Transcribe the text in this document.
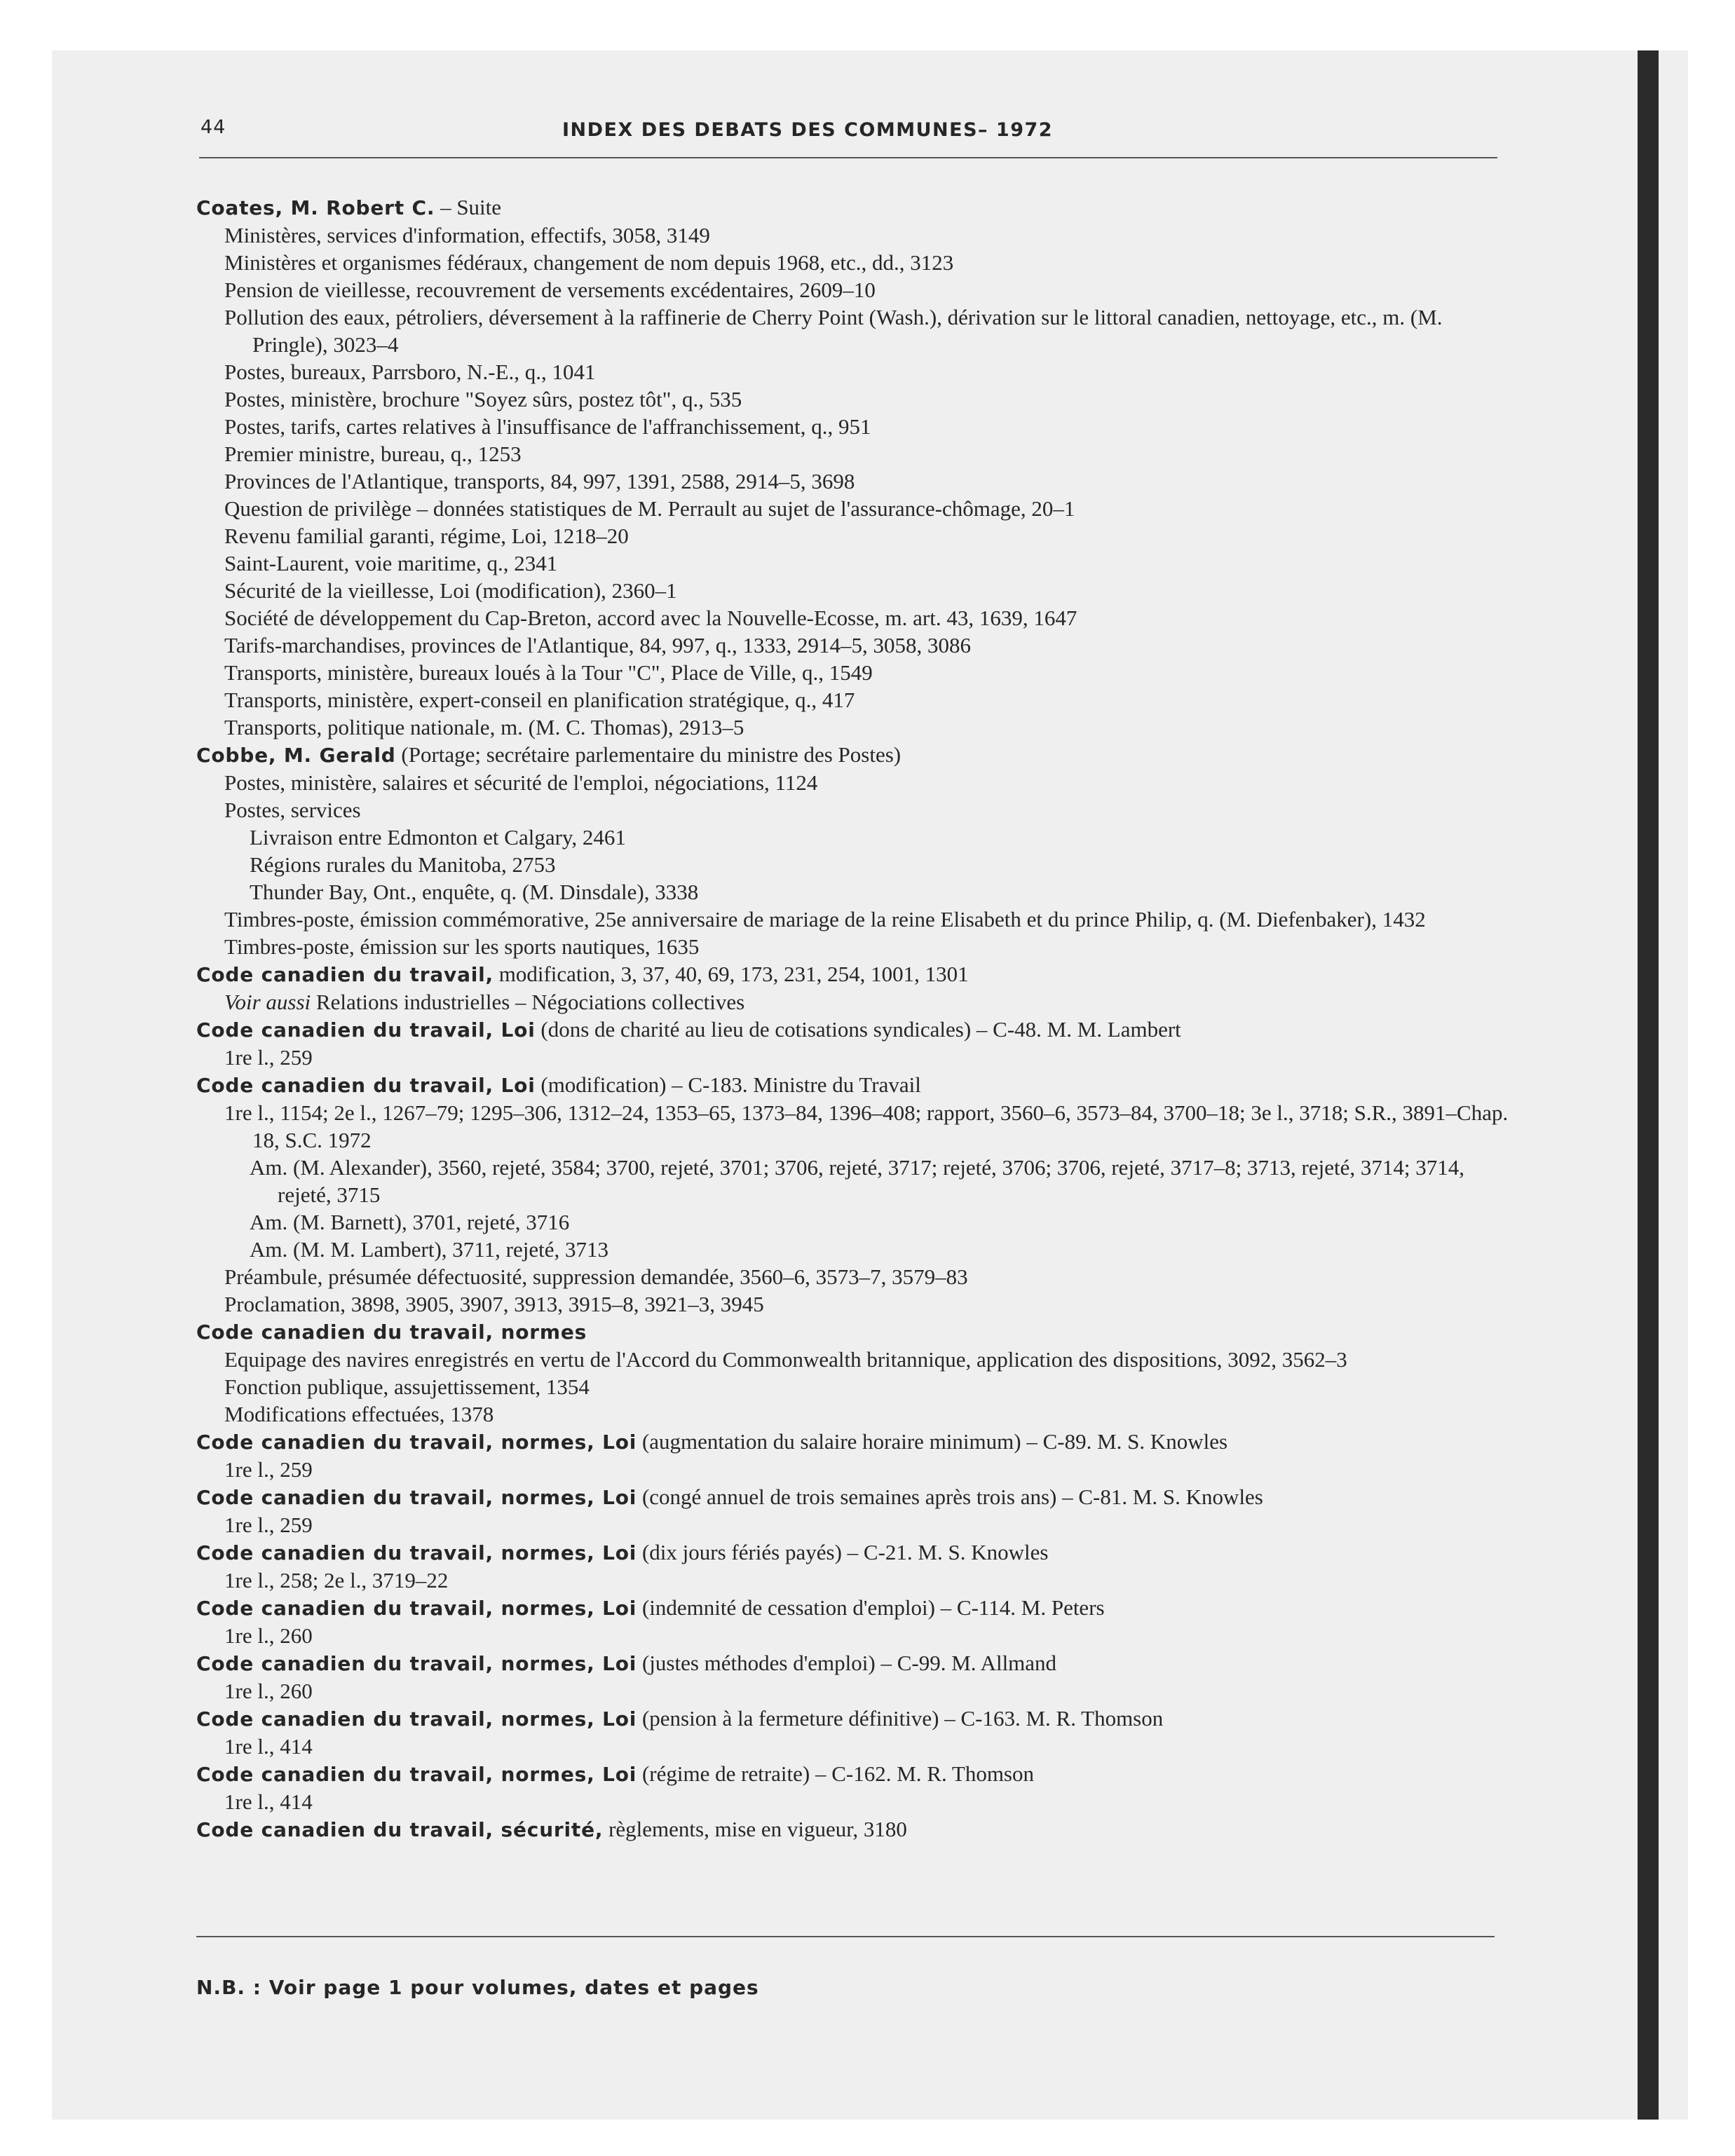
44	INDEX DES DEBATS DES COMMUNES– 1972
Coates, M. Robert C. – Suite
Ministères, services d'information, effectifs, 3058, 3149
Ministères et organismes fédéraux, changement de nom depuis 1968, etc., dd., 3123
Pension de vieillesse, recouvrement de versements excédentaires, 2609–10
Pollution des eaux, pétroliers, déversement à la raffinerie de Cherry Point (Wash.), dérivation sur le littoral canadien, nettoyage, etc., m. (M. Pringle), 3023–4
Postes, bureaux, Parrsboro, N.-E., q., 1041
Postes, ministère, brochure "Soyez sûrs, postez tôt", q., 535
Postes, tarifs, cartes relatives à l'insuffisance de l'affranchissement, q., 951
Premier ministre, bureau, q., 1253
Provinces de l'Atlantique, transports, 84, 997, 1391, 2588, 2914–5, 3698
Question de privilège – données statistiques de M. Perrault au sujet de l'assurance-chômage, 20–1
Revenu familial garanti, régime, Loi, 1218–20
Saint-Laurent, voie maritime, q., 2341
Sécurité de la vieillesse, Loi (modification), 2360–1
Société de développement du Cap-Breton, accord avec la Nouvelle-Ecosse, m. art. 43, 1639, 1647
Tarifs-marchandises, provinces de l'Atlantique, 84, 997, q., 1333, 2914–5, 3058, 3086
Transports, ministère, bureaux loués à la Tour "C", Place de Ville, q., 1549
Transports, ministère, expert-conseil en planification stratégique, q., 417
Transports, politique nationale, m. (M. C. Thomas), 2913–5
Cobbe, M. Gerald (Portage; secrétaire parlementaire du ministre des Postes)
Postes, ministère, salaires et sécurité de l'emploi, négociations, 1124
Postes, services
Livraison entre Edmonton et Calgary, 2461
Régions rurales du Manitoba, 2753
Thunder Bay, Ont., enquête, q. (M. Dinsdale), 3338
Timbres-poste, émission commémorative, 25e anniversaire de mariage de la reine Elisabeth et du prince Philip, q. (M. Diefenbaker), 1432
Timbres-poste, émission sur les sports nautiques, 1635
Code canadien du travail, modification, 3, 37, 40, 69, 173, 231, 254, 1001, 1301
Voir aussi Relations industrielles – Négociations collectives
Code canadien du travail, Loi (dons de charité au lieu de cotisations syndicales) – C-48. M. M. Lambert
1re l., 259
Code canadien du travail, Loi (modification) – C-183. Ministre du Travail
1re l., 1154; 2e l., 1267–79; 1295–306, 1312–24, 1353–65, 1373–84, 1396–408; rapport, 3560–6, 3573–84, 3700–18; 3e l., 3718; S.R., 3891–Chap. 18, S.C. 1972
Am. (M. Alexander), 3560, rejeté, 3584; 3700, rejeté, 3701; 3706, rejeté, 3717; rejeté, 3706; 3706, rejeté, 3717–8; 3713, rejeté, 3714; 3714, rejeté, 3715
Am. (M. Barnett), 3701, rejeté, 3716
Am. (M. M. Lambert), 3711, rejeté, 3713
Préambule, présumée défectuosité, suppression demandée, 3560–6, 3573–7, 3579–83
Proclamation, 3898, 3905, 3907, 3913, 3915–8, 3921–3, 3945
Code canadien du travail, normes
Equipage des navires enregistrés en vertu de l'Accord du Commonwealth britannique, application des dispositions, 3092, 3562–3
Fonction publique, assujettissement, 1354
Modifications effectuées, 1378
Code canadien du travail, normes, Loi (augmentation du salaire horaire minimum) – C-89. M. S. Knowles
1re l., 259
Code canadien du travail, normes, Loi (congé annuel de trois semaines après trois ans) – C-81. M. S. Knowles
1re l., 259
Code canadien du travail, normes, Loi (dix jours fériés payés) – C-21. M. S. Knowles
1re l., 258; 2e l., 3719–22
Code canadien du travail, normes, Loi (indemnité de cessation d'emploi) – C-114. M. Peters
1re l., 260
Code canadien du travail, normes, Loi (justes méthodes d'emploi) – C-99. M. Allmand
1re l., 260
Code canadien du travail, normes, Loi (pension à la fermeture définitive) – C-163. M. R. Thomson
1re l., 414
Code canadien du travail, normes, Loi (régime de retraite) – C-162. M. R. Thomson
1re l., 414
Code canadien du travail, sécurité, règlements, mise en vigueur, 3180
N.B. : Voir page 1 pour volumes, dates et pages
